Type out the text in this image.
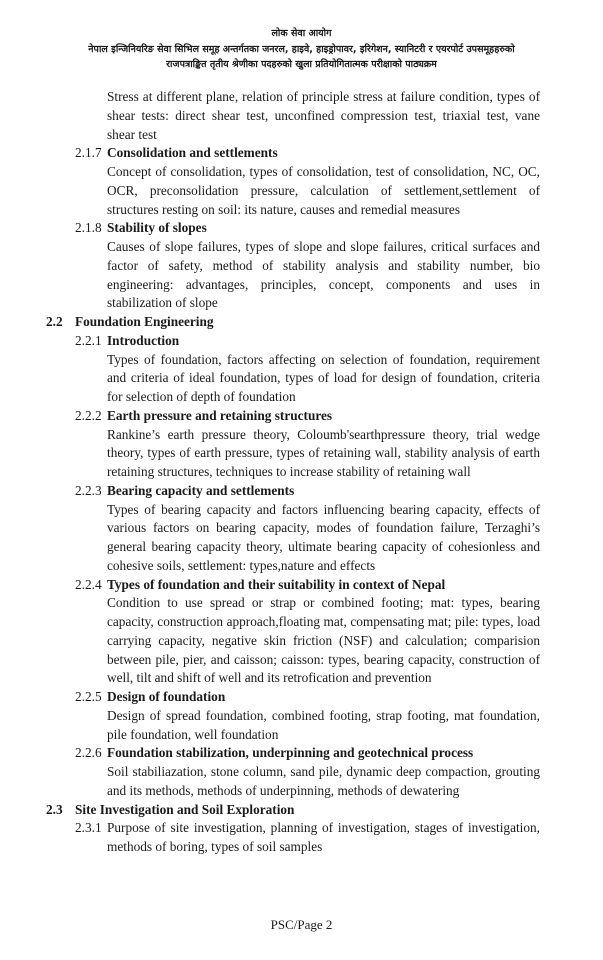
लोक सेवा आयोग
नेपाल इन्जिनियरिङ सेवा सिभिल समूह अन्तर्गतका जनरल, हाइवे, हाइड्रोपावर, इरिगेशन, स्यानिटरी र एयरपोर्ट उपसमूहहरुको
राजपत्राङ्कित तृतीय श्रेणीका पदहरुको खुला प्रतियोगितात्मक परीक्षाको पाठ्यक्रम
Stress at different plane, relation of principle stress at failure condition, types of shear tests: direct shear test, unconfined compression test, triaxial test, vane shear test
2.1.7 Consolidation and settlements
Concept of consolidation, types of consolidation, test of consolidation, NC, OC, OCR, preconsolidation pressure, calculation of settlement,settlement of structures resting on soil: its nature, causes and remedial measures
2.1.8 Stability of slopes
Causes of slope failures, types of slope and slope failures, critical surfaces and factor of safety, method of stability analysis and stability number, bio engineering: advantages, principles, concept, components and uses in stabilization of slope
2.2 Foundation Engineering
2.2.1 Introduction
Types of foundation, factors affecting on selection of foundation, requirement and criteria of ideal foundation, types of load for design of foundation, criteria for selection of depth of foundation
2.2.2 Earth pressure and retaining structures
Rankine’s earth pressure theory, Coloumb'searthpressure theory, trial wedge theory, types of earth pressure, types of retaining wall, stability analysis of earth retaining structures, techniques to increase stability of retaining wall
2.2.3 Bearing capacity and settlements
Types of bearing capacity and factors influencing bearing capacity, effects of various factors on bearing capacity, modes of foundation failure, Terzaghi’s general bearing capacity theory, ultimate bearing capacity of cohesionless and cohesive soils, settlement: types,nature and effects
2.2.4 Types of foundation and their suitability in context of Nepal
Condition to use spread or strap or combined footing; mat: types, bearing capacity, construction approach,floating mat, compensating mat; pile: types, load carrying capacity, negative skin friction (NSF) and calculation; comparision between pile, pier, and caisson; caisson: types, bearing capacity, construction of well, tilt and shift of well and its retrofication and prevention
2.2.5 Design of foundation
Design of spread foundation, combined footing, strap footing, mat foundation, pile foundation, well foundation
2.2.6 Foundation stabilization, underpinning and geotechnical process
Soil stabiliazation, stone column, sand pile, dynamic deep compaction, grouting and its methods, methods of underpinning, methods of dewatering
2.3 Site Investigation and Soil Exploration
2.3.1 Purpose of site investigation, planning of investigation, stages of investigation, methods of boring, types of soil samples
PSC/Page 2
